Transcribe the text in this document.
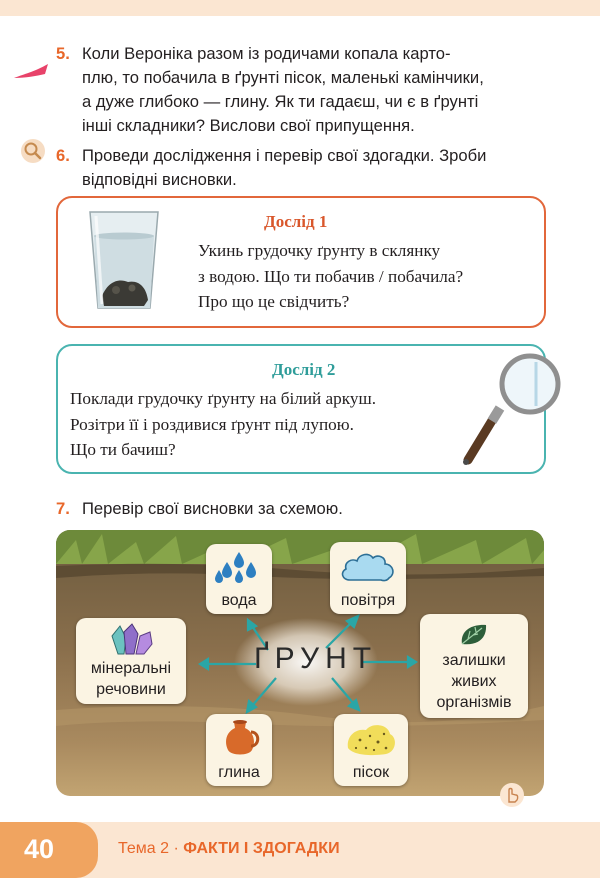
5. Коли Вероніка разом із родичами копала карто-
плю, то побачила в ґрунті пісок, маленькі камінчики,
а дуже глибоко — глину. Як ти гадаєш, чи є в ґрунті
інші складники? Вислови свої припущення.
6. Проведи дослідження і перевір свої здогадки. Зроби
відповідні висновки.
Дослід 1
Укинь грудочку ґрунту в склянку
з водою. Що ти побачив / побачила?
Про що це свідчить?
Дослід 2
Поклади грудочку ґрунту на білий аркуш.
Розітри її і роздивися ґрунт під лупою.
Що ти бачиш?
7. Перевір свої висновки за схемою.
ҐРУНТ
вода	повітря
мінеральні
речовини
залишки
живих
організмів
глина	пісок
40	Тема 2 · ФАКТИ І ЗДОГАДКИ
